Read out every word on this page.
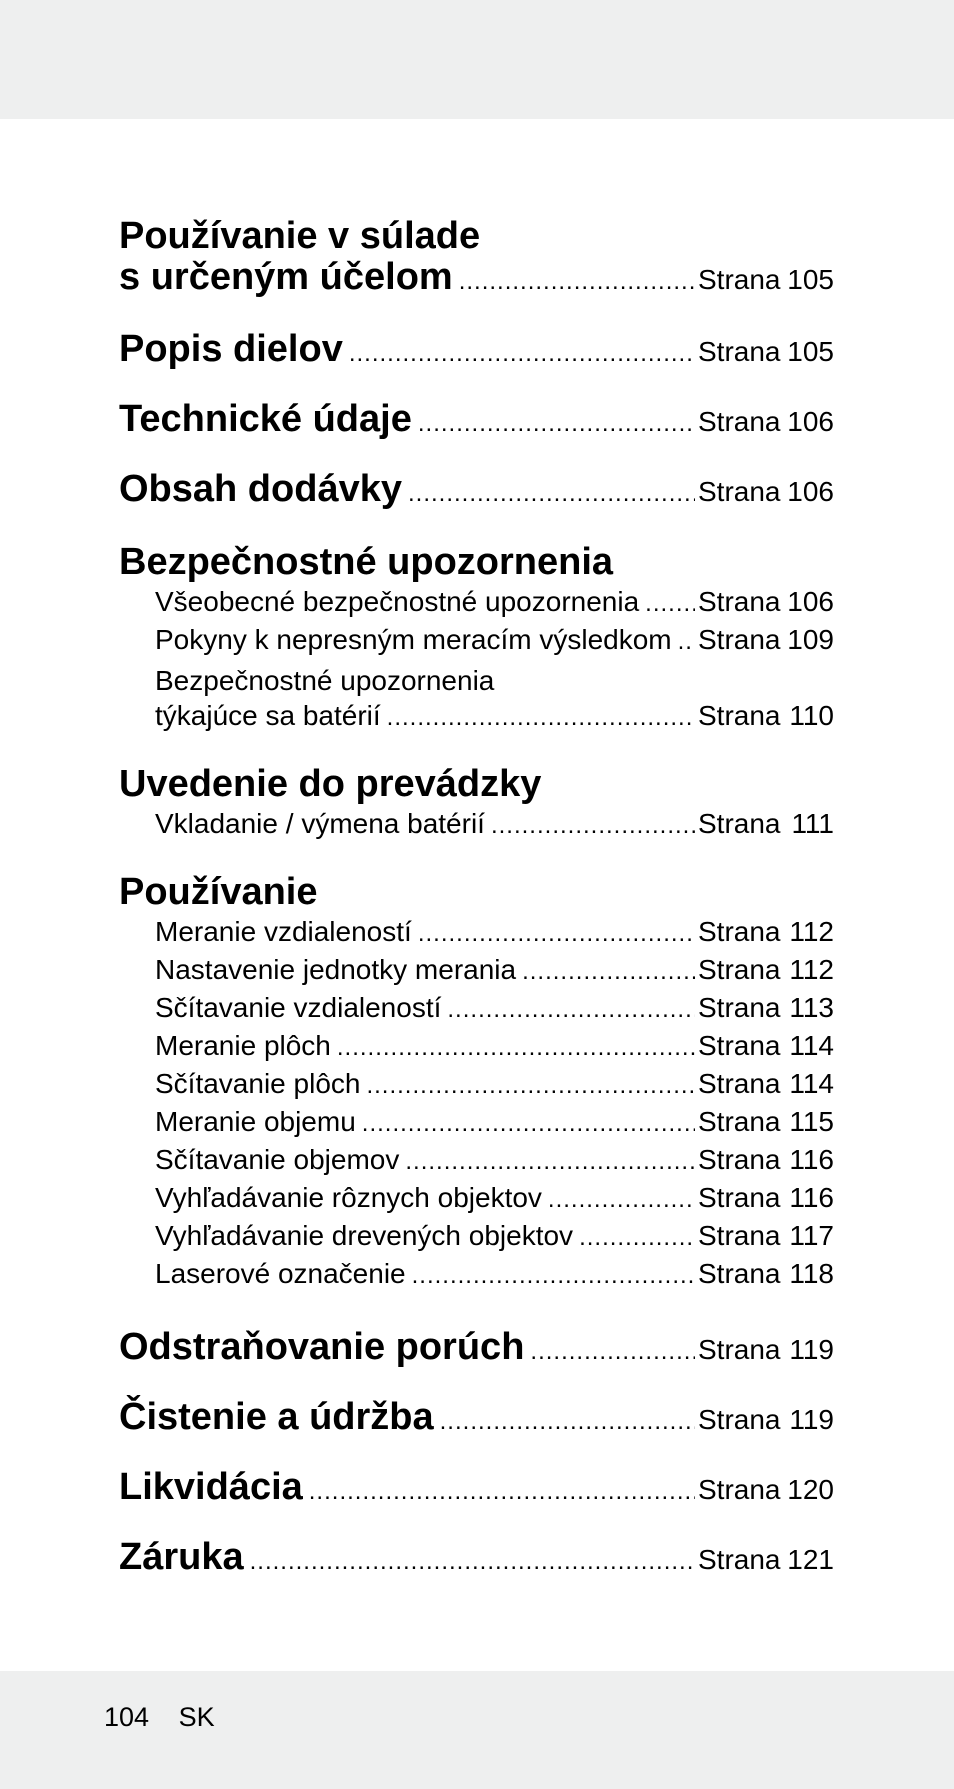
Používanie v súlade
s určeným účelom .....	Strana 105
Popis dielov .....	Strana 105
Technické údaje .....	Strana 106
Obsah dodávky .....	Strana 106
Bezpečnostné upozornenia
Všeobecné bezpečnostné upozornenia ..... Strana 106
Pokyny k nepresným meracím výsledkom ..... Strana 109
Bezpečnostné upozornenia
týkajúce sa batérií .....	Strana 110
Uvedenie do prevádzky
Vkladanie / výmena batérií .....	Strana 111
Používanie
Meranie vzdialeností .....	Strana 112
Nastavenie jednotky merania .....	Strana 112
Sčítavanie vzdialeností .....	Strana 113
Meranie plôch .....	Strana 114
Sčítavanie plôch .....	Strana 114
Meranie objemu .....	Strana 115
Sčítavanie objemov .....	Strana 116
Vyhľadávanie rôznych objektov .....	Strana 116
Vyhľadávanie drevených objektov .....	Strana 117
Laserové označenie .....	Strana 118
Odstraňovanie porúch .....	Strana 119
Čistenie a údržba .....	Strana 119
Likvidácia .....	Strana 120
Záruka .....	Strana 121
104 SK
